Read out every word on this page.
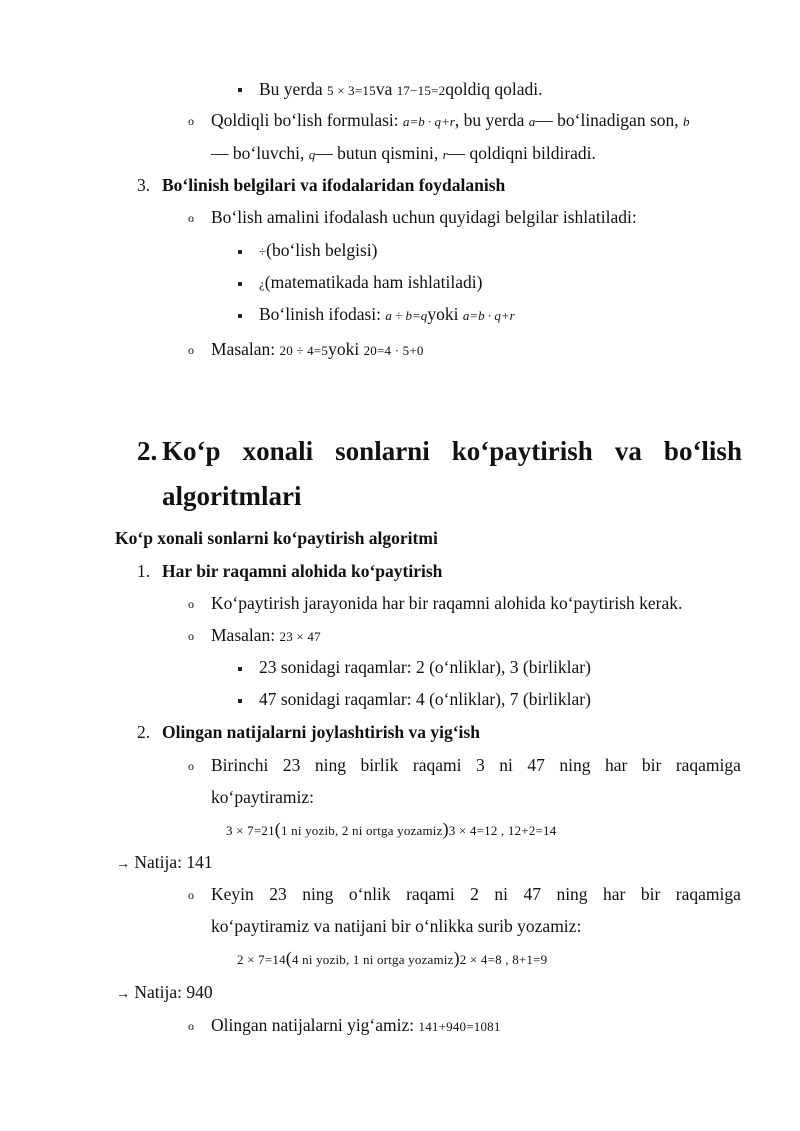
Bu yerda 5 × 3=15va 17−15=2qoldiq qoladi.
o Qoldiqli bo‘lish formulasi: a=b · q+r, bu yerda a— bo‘linadigan son, b
— bo‘luvchi, q— butun qismini, r— qoldiqni bildiradi.
3. Bo‘linish belgilari va ifodalaridan foydalanish
o Bo‘lish amalini ifodalash uchun quyidagi belgilar ishlatiladi:
÷(bo‘lish belgisi)
¿(matematikada ham ishlatiladi)
Bo‘linish ifodasi: a ÷ b=qyoki a=b · q+r
o Masalan: 20 ÷ 4=5yoki 20=4 · 5+0
2. Ko‘p xonali sonlarni ko‘paytirish va bo‘lish
algoritmlari
Ko‘p xonali sonlarni ko‘paytirish algoritmi
1. Har bir raqamni alohida ko‘paytirish
o Ko‘paytirish jarayonida har bir raqamni alohida ko‘paytirish kerak.
o Masalan: 23 × 47
23 sonidagi raqamlar: 2 (o‘nliklar), 3 (birliklar)
47 sonidagi raqamlar: 4 (o‘nliklar), 7 (birliklar)
2. Olingan natijalarni joylashtirish va yig‘ish
o Birinchi 23 ning birlik raqami 3 ni 47 ning har bir raqamiga
ko‘paytiramiz:
3 × 7=21(1 ni yozib, 2 ni ortga yozamiz)3 × 4=12 , 12+2=14
→ Natija: 141
o Keyin 23 ning o‘nlik raqami 2 ni 47 ning har bir raqamiga
ko‘paytiramiz va natijani bir o‘nlikka surib yozamiz:
2 × 7=14(4 ni yozib, 1 ni ortga yozamiz)2 × 4=8 , 8+1=9
→ Natija: 940
o Olingan natijalarni yig‘amiz: 141+940=1081
